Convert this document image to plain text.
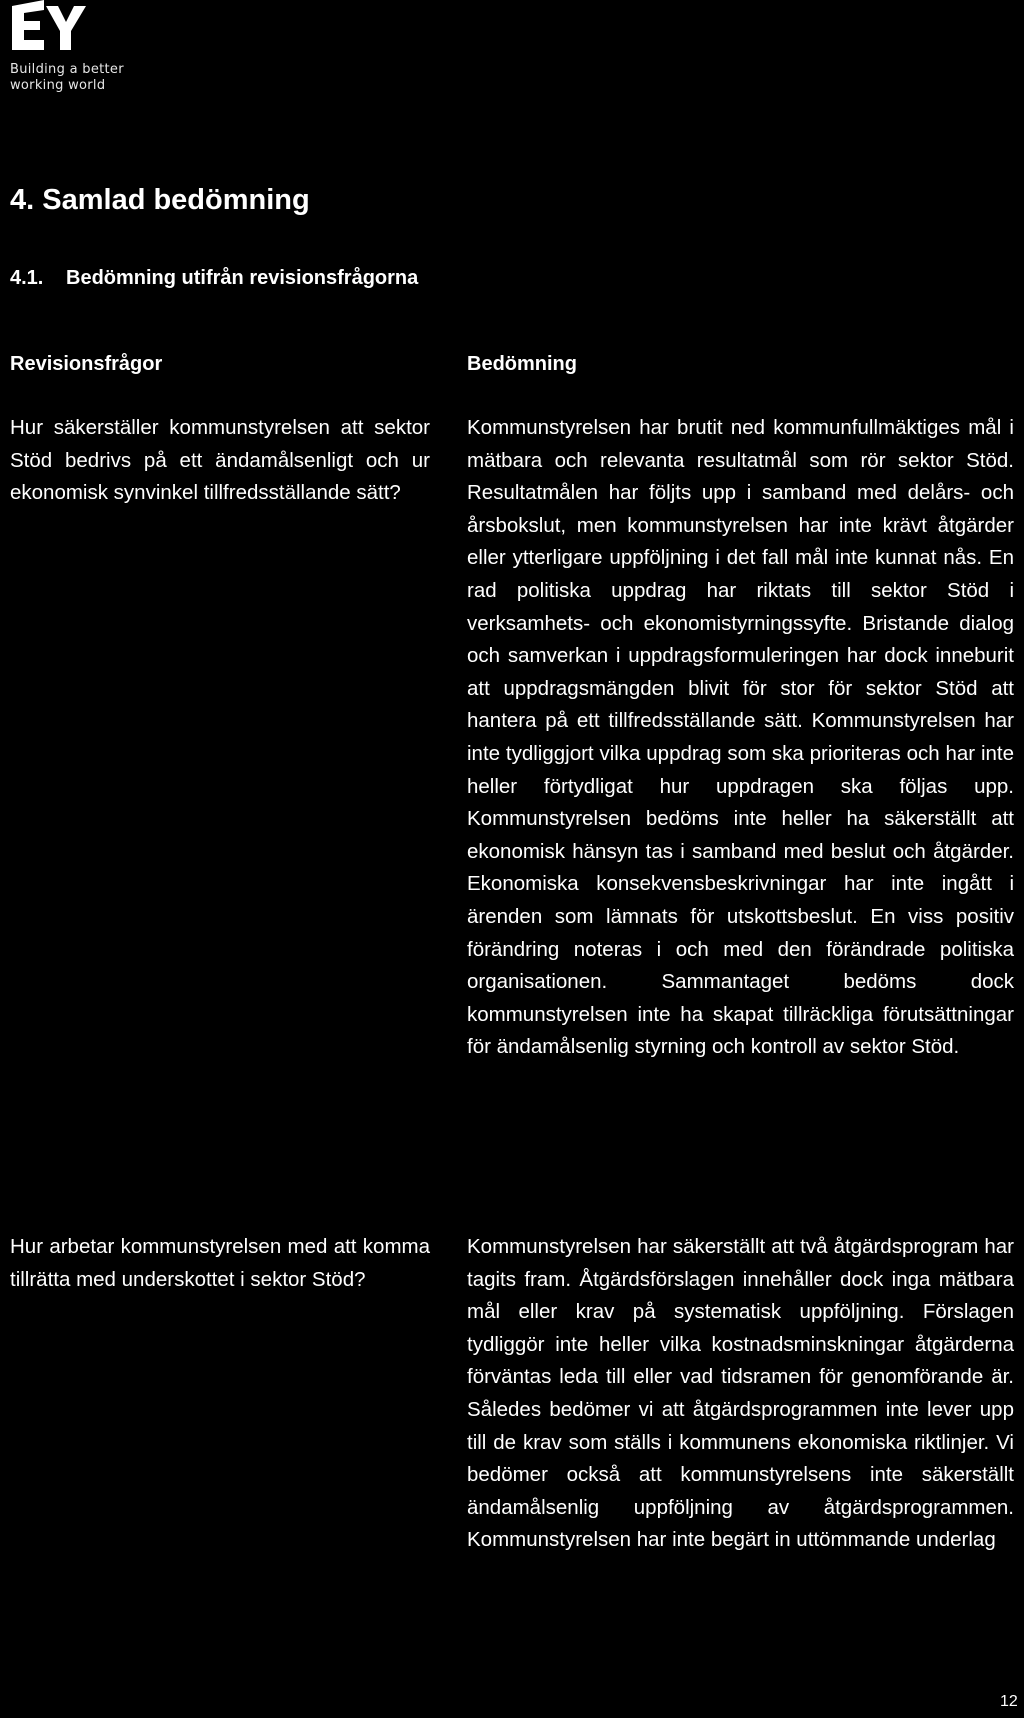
Building a better
working world
4. Samlad bedömning
4.1. Bedömning utifrån revisionsfrågorna
Revisionsfrågor	Bedömning

Hur säkerställer kommunstyrelsen att sektor Stöd bedrivs på ett ändamålsenligt och ur ekonomisk synvinkel tillfredsställande sätt?

Kommunstyrelsen har brutit ned kommunfullmäktiges mål i mätbara och relevanta resultatmål som rör sektor Stöd. Resultatmålen har följts upp i samband med delårs- och årsbokslut, men kommunstyrelsen har inte krävt åtgärder eller ytterligare uppföljning i det fall mål inte kunnat nås. En rad politiska uppdrag har riktats till sektor Stöd i verksamhets- och ekonomistyrningssyfte. Bristande dialog och samverkan i uppdragsformuleringen har dock inneburit att uppdragsmängden blivit för stor för sektor Stöd att hantera på ett tillfredsställande sätt. Kommunstyrelsen har inte tydliggjort vilka uppdrag som ska prioriteras och har inte heller förtydligat hur uppdragen ska följas upp. Kommunstyrelsen bedöms inte heller ha säkerställt att ekonomisk hänsyn tas i samband med beslut och åtgärder. Ekonomiska konsekvensbeskrivningar har inte ingått i ärenden som lämnats för utskottsbeslut. En viss positiv förändring noteras i och med den förändrade politiska organisationen. Sammantaget bedöms dock kommunstyrelsen inte ha skapat tillräckliga förutsättningar för ändamålsenlig styrning och kontroll av sektor Stöd.

Hur arbetar kommunstyrelsen med att komma tillrätta med underskottet i sektor Stöd?

Kommunstyrelsen har säkerställt att två åtgärdsprogram har tagits fram. Åtgärdsförslagen innehåller dock inga mätbara mål eller krav på systematisk uppföljning. Förslagen tydliggör inte heller vilka kostnadsminskningar åtgärderna förväntas leda till eller vad tidsramen för genomförande är. Således bedömer vi att åtgärdsprogrammen inte lever upp till de krav som ställs i kommunens ekonomiska riktlinjer. Vi bedömer också att kommunstyrelsens inte säkerställt ändamålsenlig uppföljning av åtgärdsprogrammen. Kommunstyrelsen har inte begärt in uttömmande underlag

12
